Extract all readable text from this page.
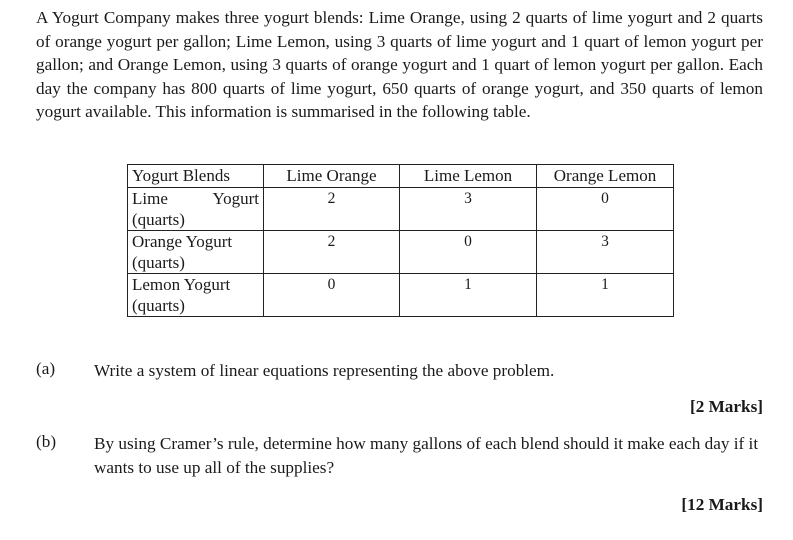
A Yogurt Company makes three yogurt blends: Lime Orange, using 2 quarts of lime yogurt and 2 quarts of orange yogurt per gallon; Lime Lemon, using 3 quarts of lime yogurt and 1 quart of lemon yogurt per gallon; and Orange Lemon, using 3 quarts of orange yogurt and 1 quart of lemon yogurt per gallon. Each day the company has 800 quarts of lime yogurt, 650 quarts of orange yogurt, and 350 quarts of lemon yogurt available. This information is summarised in the following table.

Yogurt Blends	Lime Orange	Lime Lemon	Orange Lemon

Lime Yogurt
(quarts)	2	3	0

Orange Yogurt
(quarts)	2	0	3

Lemon Yogurt
(quarts)	0	1	1
(a) Write a system of linear equations representing the above problem.

[2 Marks]
(b) By using Cramer’s rule, determine how many gallons of each blend should it make each day if it wants to use up all of the supplies?

[12 Marks]
